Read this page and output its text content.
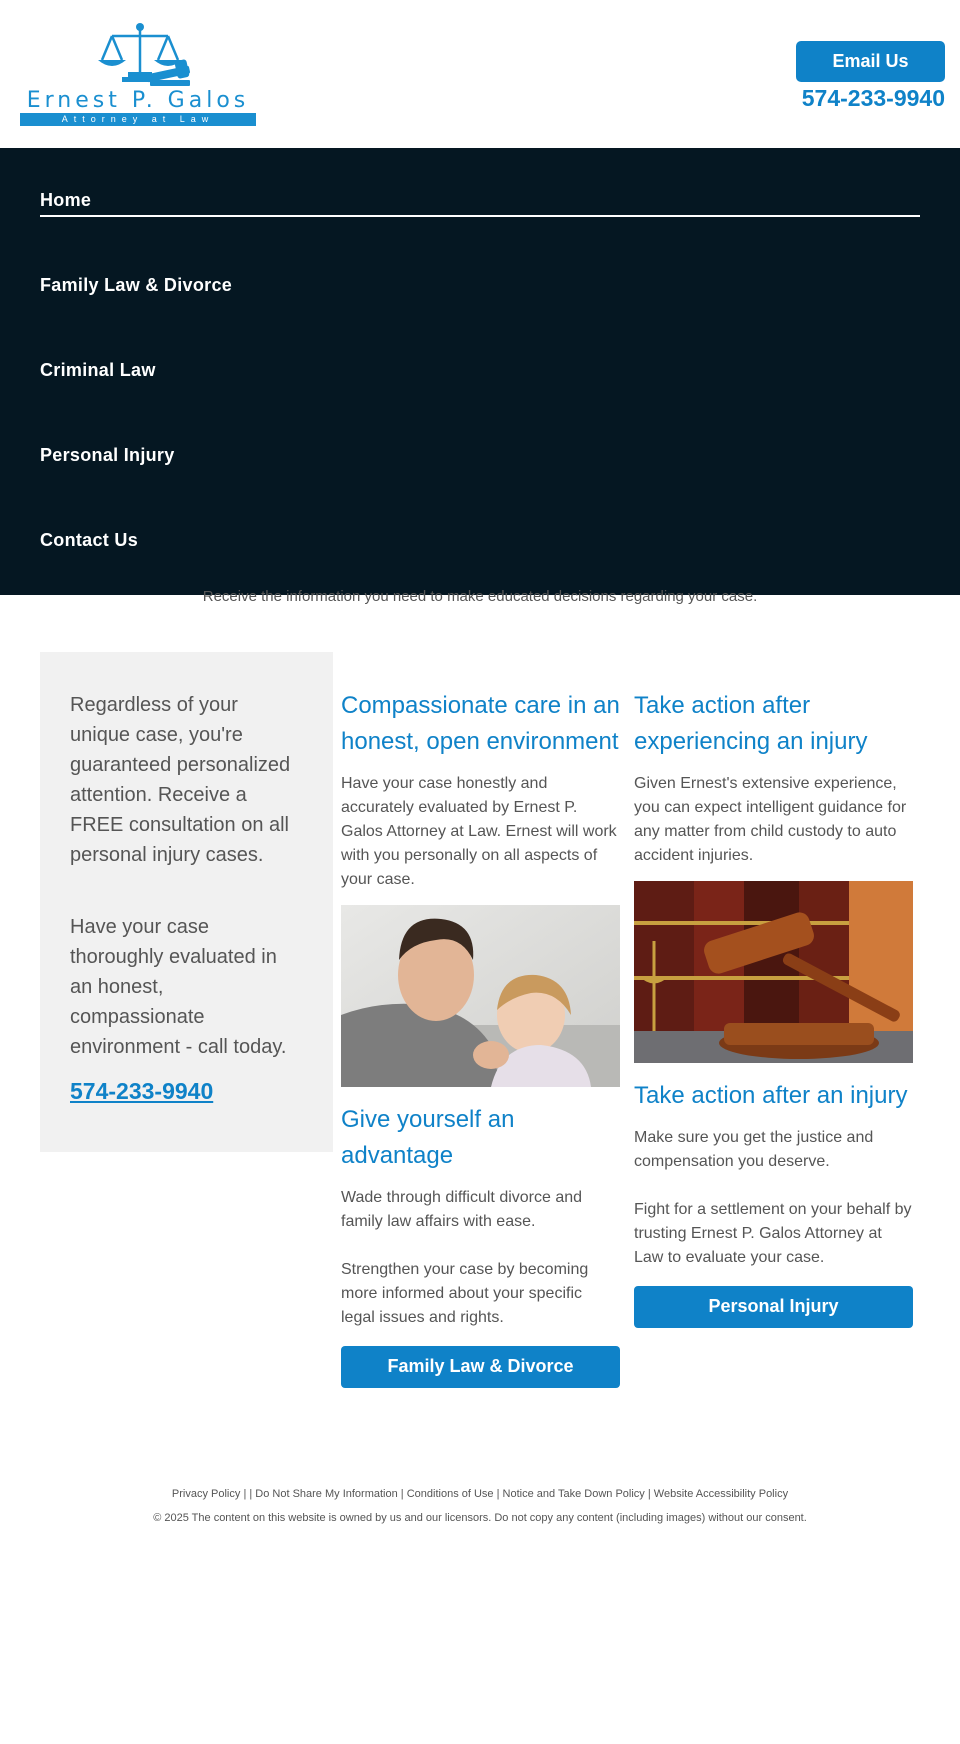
Ernest P. Galos
Attorney at Law
Email Us
574-233-9940
Home
Family Law & Divorce
Criminal Law
Personal Injury
Contact Us
Receive the information you need to make educated decisions regarding your case.

Regardless of your unique case, you're guaranteed personalized attention. Receive a FREE consultation on all personal injury cases.

Have your case thoroughly evaluated in an honest, compassionate environment - call today.

574-233-9940
Compassionate care in an honest, open environment

Have your case honestly and accurately evaluated by Ernest P. Galos Attorney at Law. Ernest will work with you personally on all aspects of your case.

Give yourself an advantage

Wade through difficult divorce and family law affairs with ease.

Strengthen your case by becoming more informed about your specific legal issues and rights.

Family Law & Divorce
Take action after experiencing an injury

Given Ernest's extensive experience, you can expect intelligent guidance for any matter from child custody to auto accident injuries.

Take action after an injury

Make sure you get the justice and compensation you deserve.

Fight for a settlement on your behalf by trusting Ernest P. Galos Attorney at Law to evaluate your case.

Personal Injury
Privacy Policy | | Do Not Share My Information | Conditions of Use | Notice and Take Down Policy | Website Accessibility Policy
© 2025 The content on this website is owned by us and our licensors. Do not copy any content (including images) without our consent.
